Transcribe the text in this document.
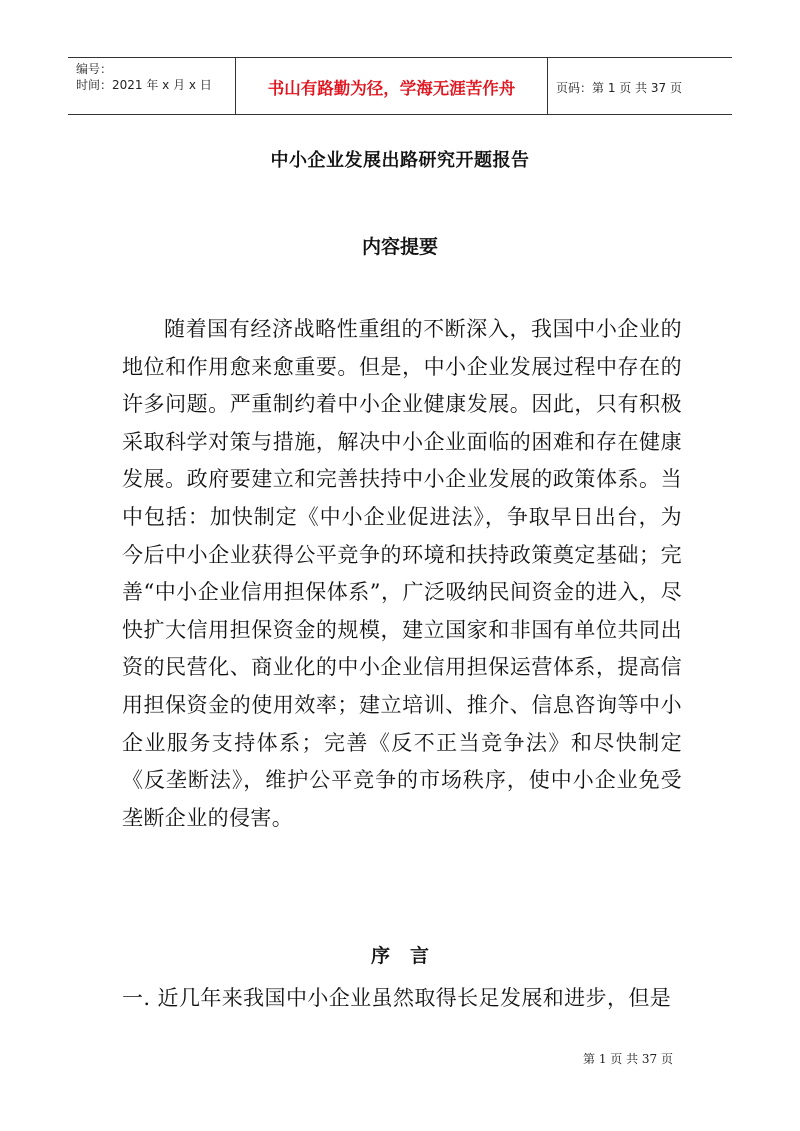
编号：
时间：2021 年 x 月 x 日	书山有路勤为径，学海无涯苦作舟	页码：第 1 页 共 37 页
中小企业发展出路研究开题报告
内容提要

随着国有经济战略性重组的不断深入，我国中小企业的地位和作用愈来愈重要。但是，中小企业发展过程中存在的许多问题。严重制约着中小企业健康发展。因此，只有积极采取科学对策与措施，解决中小企业面临的困难和存在健康发展。政府要建立和完善扶持中小企业发展的政策体系。当中包括：加快制定《中小企业促进法》，争取早日出台，为今后中小企业获得公平竞争的环境和扶持政策奠定基础；完善“中小企业信用担保体系”，广泛吸纳民间资金的进入，尽快扩大信用担保资金的规模，建立国家和非国有单位共同出资的民营化、商业化的中小企业信用担保运营体系，提高信用担保资金的使用效率；建立培训、推介、信息咨询等中小企业服务支持体系；完善《反不正当竞争法》和尽快制定《反垄断法》，维护公平竞争的市场秩序，使中小企业免受垄断企业的侵害。

序言

一. 近几年来我国中小企业虽然取得长足发展和进步，但是

第 1 页 共 37 页
